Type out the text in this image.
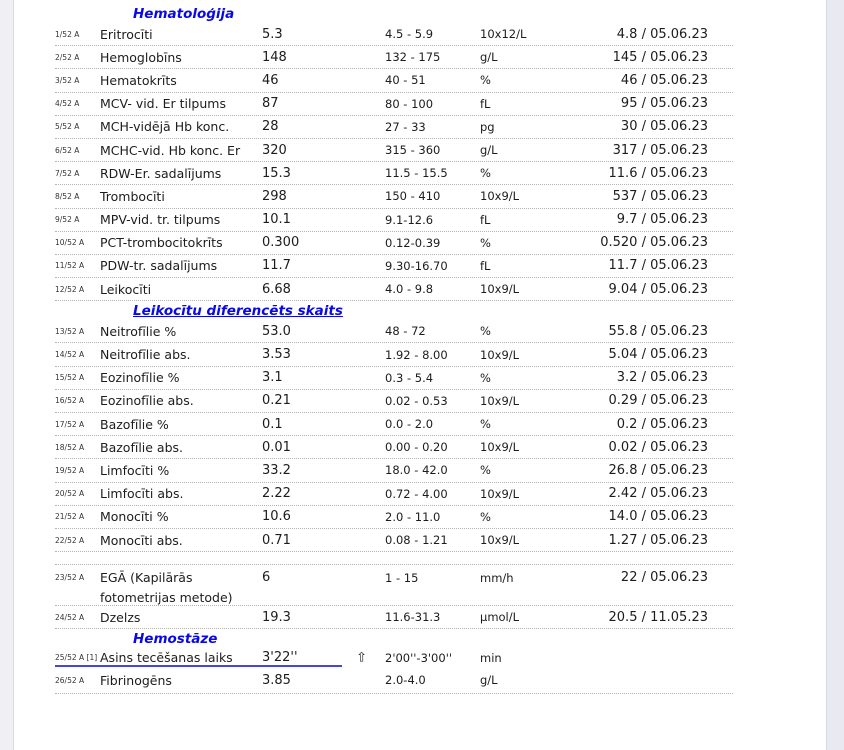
Hematoloģija
1/52 A	Eritrocīti	5.3	4.5 - 5.9	10x12/L	4.8 / 05.06.23
2/52 A	Hemoglobīns	148	132 - 175	g/L	145 / 05.06.23
3/52 A	Hematokrīts	46	40 - 51	%	46 / 05.06.23
4/52 A	MCV- vid. Er tilpums	87	80 - 100	fL	95 / 05.06.23
5/52 A	MCH-vidējā Hb konc.	28	27 - 33	pg	30 / 05.06.23
6/52 A	MCHC-vid. Hb konc. Er	320	315 - 360	g/L	317 / 05.06.23
7/52 A	RDW-Er. sadalījums	15.3	11.5 - 15.5	%	11.6 / 05.06.23
8/52 A	Trombocīti	298	150 - 410	10x9/L	537 / 05.06.23
9/52 A	MPV-vid. tr. tilpums	10.1	9.1-12.6	fL	9.7 / 05.06.23
10/52 A	PCT-trombocitokrīts	0.300	0.12-0.39	%	0.520 / 05.06.23
11/52 A	PDW-tr. sadalījums	11.7	9.30-16.70	fL	11.7 / 05.06.23
12/52 A	Leikocīti	6.68	4.0 - 9.8	10x9/L	9.04 / 05.06.23
Leikocītu diferencēts skaits
13/52 A	Neitrofīlie %	53.0	48 - 72	%	55.8 / 05.06.23
14/52 A	Neitrofīlie abs.	3.53	1.92 - 8.00	10x9/L	5.04 / 05.06.23
15/52 A	Eozinofīlie %	3.1	0.3 - 5.4	%	3.2 / 05.06.23
16/52 A	Eozinofīlie abs.	0.21	0.02 - 0.53	10x9/L	0.29 / 05.06.23
17/52 A	Bazofīlie %	0.1	0.0 - 2.0	%	0.2 / 05.06.23
18/52 A	Bazofīlie abs.	0.01	0.00 - 0.20	10x9/L	0.02 / 05.06.23
19/52 A	Limfocīti %	33.2	18.0 - 42.0	%	26.8 / 05.06.23
20/52 A	Limfocīti abs.	2.22	0.72 - 4.00	10x9/L	2.42 / 05.06.23
21/52 A	Monocīti %	10.6	2.0 - 11.0	%	14.0 / 05.06.23
22/52 A	Monocīti abs.	0.71	0.08 - 1.21	10x9/L	1.27 / 05.06.23
23/52 A	EGĀ (Kapilārās
fotometrijas metode)
6	1 - 15	mm/h	22 / 05.06.23
24/52 A	Dzelzs	19.3	11.6-31.3	µmol/L	20.5 / 11.05.23
Hemostāze
25/52 A [1] Asins tecēšanas laiks	3'22''	⇧ 2'00''-3'00''	min
26/52 A	Fibrinogēns	3.85	2.0-4.0	g/L
